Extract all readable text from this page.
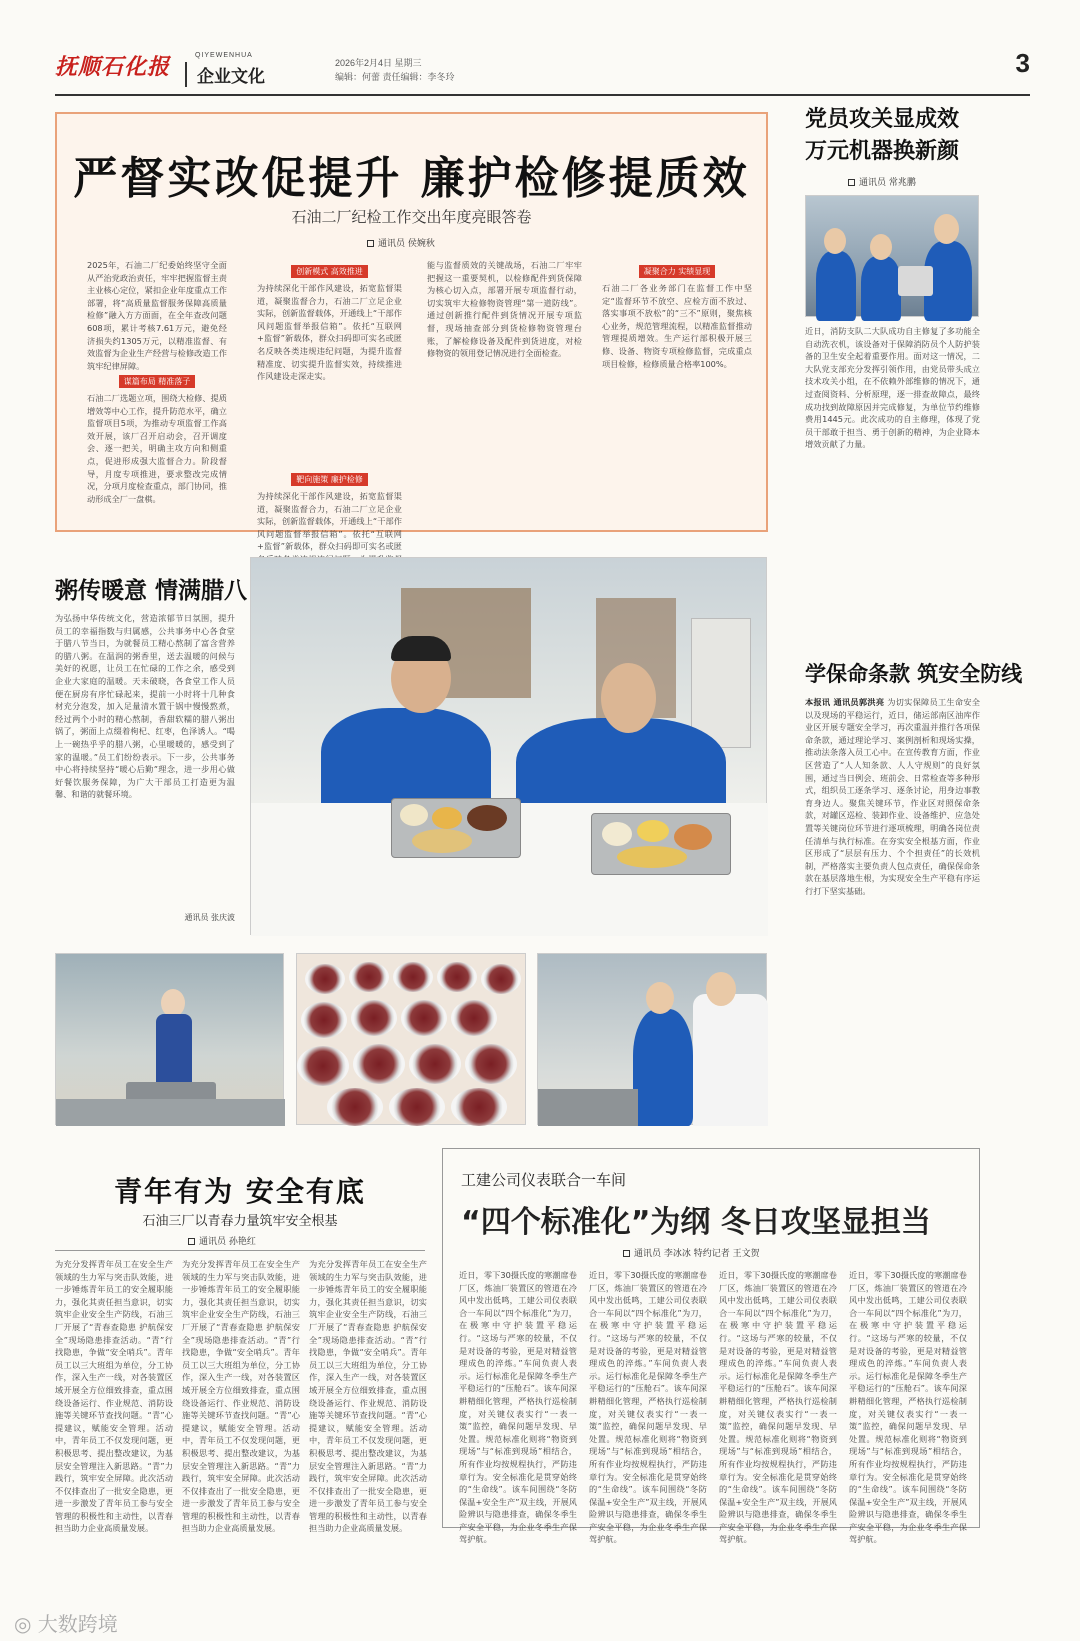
抚顺石化报	QIYEWENHUA
企业文化
2026年2月4日 星期三
编辑：何蕾 责任编辑：李冬玲	3
严督实改促提升 廉护检修提质效
石油二厂纪检工作交出年度亮眼答卷
通讯员 侯婉秋
2025年，石油二厂纪委始终坚守全面从严治党政治责任，牢牢把握监督主责主业核心定位，紧扣企业年度重点工作部署，将“高质量监督服务保障高质量检修”融入方方面面，在全年查改问题608项，累计考核7.61万元，避免经济损失约1305万元，以精准监督、有效监督为企业生产经营与检修改造工作筑牢纪律屏障。
谋篇布局 精准落子
石油二厂选题立项，围绕大检修、提质增效等中心工作，提升防范水平，确立监督项目5项，为推动专项监督工作高效开展，该厂召开启动会，召开调度会、逐一把关，明确主攻方向和侧重点，促进形成强大监督合力。阶段督导，月度专项推进，要求整改完成情况，分项月度检查重点，部门协同，推动形成全厂一盘棋。
创新模式 高效推进
为持续深化干部作风建设，拓宽监督渠道，凝聚监督合力，石油二厂立足企业实际，创新监督载体，开通线上“干部作风问题监督举报信箱”。依托“互联网+监督”新载体，群众扫码即可实名或匿名反映各类违规违纪问题，为提升监督精准度、切实提升监督实效，持续推进作风建设走深走实。
靶向施策 廉护检修
为持续深化干部作风建设，拓宽监督渠道，凝聚监督合力，石油二厂立足企业实际，创新监督载体，开通线上“干部作风问题监督举报信箱”。依托“互联网+监督”新载体，群众扫码即可实名或匿
能与监督质效的关键战场，石油二厂牢牢把握这一重要契机，以检修配件到货保障为核心切入点，部署开展专项监督行动，切实筑牢大检修物资管理“第一道防线”。通过创新推行配件到货情况开展专项监督，现场抽查部分到货检修物资管理台账，了解检修设备及配件到货进度，对检修物资的领用登记情况进行全面检查。
凝聚合力 实绩显现
石油二厂各业务部门在监督工作中坚定“监督环节不放空、应检方面不放过、落实事项不放松”的“三不”原则，聚焦核心业务，规范管理流程，以精准监督推动管理提质增效。生产运行部积极开展三修、设备、物资专项检修监督，完成重点项目检修，检修质量合格率100%。
党员攻关显成效 万元机器换新颜
通讯员 常兆鹏
近日，消防支队二大队成功自主修复了多功能全自动洗衣机，该设备对于保障消防员个人防护装备的卫生安全起着重要作用。面对这一情况，二大队党支部充分发挥引领作用，由党员带头成立技术攻关小组，在不依赖外部维修的情况下，通过查阅资料、分析原理，逐一排查故障点，最终成功找到故障原因并完成修复，为单位节约维修费用1445元。此次成功的自主修理，体现了党员干部敢于担当、勇于创新的精神，为企业降本增效贡献了力量。
学保命条款 筑安全防线
本报讯 通讯员郭洪亮 为切实保障员工生命安全以及现场的平稳运行，近日，储运部南区油库作业区开展专题安全学习，再次重温并推行各项保命条款，通过理论学习、案例剖析和现场实操，推动法条落入员工心中。在宣传教育方面，作业区营造了“人人知条款、人人守规则”的良好氛围，通过当日例会、班前会、日常检查等多种形式，组织员工逐条学习、逐条讨论，用身边事教育身边人。聚焦关键环节，作业区对照保命条款，对罐区巡检、装卸作业、设备维护、应急处置等关键岗位环节进行逐项梳理，明确各岗位责任清单与执行标准。在夯实安全根基方面，作业区形成了“层层有压力、个个担责任”的长效机制，严格落实主要负责人包点责任，确保保命条款在基层落地生根，为实现安全生产平稳有序运行打下坚实基础。
粥传暖意 情满腊八
为弘扬中华传统文化，营造浓郁节日氛围，提升员工的幸福指数与归属感，公共事务中心各食堂于腊八节当日，为就餐员工精心熬制了富含营养的腊八粥。在温润的粥香里，送去温暖的问候与美好的祝愿，让员工在忙碌的工作之余，感受到企业大家庭的温暖。天未破晓，各食堂工作人员便在厨房有序忙碌起来，提前一小时将十几种食材充分泡发，加入足量清水置于锅中慢慢熬煮，经过两个小时的精心熬制，香甜软糯的腊八粥出锅了，粥面上点缀着枸杞、红枣，色泽诱人。“喝上一碗热乎乎的腊八粥，心里暖暖的，感受到了家的温暖。”员工们纷纷表示。下一步，公共事务中心将持续坚持“暖心后勤”理念，进一步用心做好餐饮服务保障，为广大干部员工打造更为温馨、和谐的就餐环境。
通讯员 张庆波
青年有为 安全有底
石油三厂以青春力量筑牢安全根基
通讯员 孙艳红
为充分发挥青年员工在安全生产领域的生力军与突击队效能，进一步锤炼青年员工的安全履职能力，强化其责任担当意识，切实筑牢企业安全生产防线，石油三厂开展了“青春查隐患 护航保安全”现场隐患排查活动。“青”行找隐患，争做“安全哨兵”。青年员工以三大班组为单位，分工协作，深入生产一线，对各装置区域开展全方位细致排查，重点围绕设备运行、作业规范、消防设施等关键环节查找问题。“青”心提建议，赋能安全管理。活动中，青年员工不仅发现问题，更积极思考、提出整改建议，为基层安全管理注入新思路。“青”力践行，筑牢安全屏障。此次活动不仅排查出了一批安全隐患，更进一步激发了青年员工参与安全管理的积极性和主动性，以青春担当助力企业高质量发展。
为充分发挥青年员工在安全生产领域的生力军与突击队效能，进一步锤炼青年员工的安全履职能力，强化其责任担当意识，切实筑牢企业安全生产防线，石油三厂开展了“青春查隐患 护航保安全”现场隐患排查活动。“青”行找隐患，争做“安全哨兵”。青年员工以三大班组为单位，分工协作，深入生产一线，对各装置区域开展全方位细致排查，重点围绕设备运行、作业规范、消防设施等关键环节查找问题。“青”心提建议，赋能安全管理。活动中，青年员工不仅发现问题，更积极思考、提出整改建议，为基层安全管理注入新思路。“青”力践行，筑牢安全屏障。此次活动不仅排查出了一批安全隐患，更进一步激发了青年员工参与安全管理的积极性和主动性，以青春担当助力企业高质量发展。
为充分发挥青年员工在安全生产领域的生力军与突击队效能，进一步锤炼青年员工的安全履职能力，强化其责任担当意识，切实筑牢企业安全生产防线，石油三厂开展了“青春查隐患 护航保安全”现场隐患排查活动。“青”行找隐患，争做“安全哨兵”。青年员工以三大班组为单位，分工协作，深入生产一线，对各装置区域开展全方位细致排查，重点围绕设备运行、作业规范、消防设施等关键环节查找问题。“青”心提建议，赋能安全管理。活动中，青年员工不仅发现问题，更积极思考、提出整改建议，为基层安全管理注入新思路。“青”力践行，筑牢安全屏障。此次活动不仅排查出了一批安全隐患，更进一步激发了青年员工参与安全管理的积极性和主动性，以青春担当助力企业高质量发展。
工建公司仪表联合一车间
“四个标准化”为纲 冬日攻坚显担当
通讯员 李冰冰 特约记者 王文贺
近日，零下30摄氏度的寒潮席卷厂区，炼油厂装置区的管道在冷风中发出低鸣，工建公司仪表联合一车间以“四个标准化”为刀，在极寒中守护装置平稳运行。“这场与严寒的较量，不仅是对设备的考验，更是对精益管理成色的淬炼。”车间负责人表示。运行标准化是保障冬季生产平稳运行的“压舱石”。该车间深耕精细化管理，严格执行巡检制度，对关键仪表实行“一表一策”监控，确保问题早发现、早处置。规范标准化则将“物资到现场”与“标准到现场”相结合，所有作业均按规程执行，严防违章行为。安全标准化是贯穿始终的“生命线”。该车间围绕“冬防保温+安全生产”双主线，开展风险辨识与隐患排查，确保冬季生产安全平稳，为企业冬季生产保驾护航。
近日，零下30摄氏度的寒潮席卷厂区，炼油厂装置区的管道在冷风中发出低鸣，工建公司仪表联合一车间以“四个标准化”为刀，在极寒中守护装置平稳运行。“这场与严寒的较量，不仅是对设备的考验，更是对精益管理成色的淬炼。”车间负责人表示。运行标准化是保障冬季生产平稳运行的“压舱石”。该车间深耕精细化管理，严格执行巡检制度，对关键仪表实行“一表一策”监控，确保问题早发现、早处置。规范标准化则将“物资到现场”与“标准到现场”相结合，所有作业均按规程执行，严防违章行为。安全标准化是贯穿始终的“生命线”。该车间围绕“冬防保温+安全生产”双主线，开展风险辨识与隐患排查，确保冬季生产安全平稳，为企业冬季生产保驾护航。
近日，零下30摄氏度的寒潮席卷厂区，炼油厂装置区的管道在冷风中发出低鸣，工建公司仪表联合一车间以“四个标准化”为刀，在极寒中守护装置平稳运行。“这场与严寒的较量，不仅是对设备的考验，更是对精益管理成色的淬炼。”车间负责人表示。运行标准化是保障冬季生产平稳运行的“压舱石”。该车间深耕精细化管理，严格执行巡检制度，对关键仪表实行“一表一策”监控，确保问题早发现、早处置。规范标准化则将“物资到现场”与“标准到现场”相结合，所有作业均按规程执行，严防违章行为。安全标准化是贯穿始终的“生命线”。该车间围绕“冬防保温+安全生产”双主线，开展风险辨识与隐患排查，确保冬季生产安全平稳，为企业冬季生产保驾护航。
近日，零下30摄氏度的寒潮席卷厂区，炼油厂装置区的管道在冷风中发出低鸣，工建公司仪表联合一车间以“四个标准化”为刀，在极寒中守护装置平稳运行。“这场与严寒的较量，不仅是对设备的考验，更是对精益管理成色的淬炼。”车间负责人表示。运行标准化是保障冬季生产平稳运行的“压舱石”。该车间深耕精细化管理，严格执行巡检制度，对关键仪表实行“一表一策”监控，确保问题早发现、早处置。规范标准化则将“物资到现场”与“标准到现场”相结合，所有作业均按规程执行，严防违章行为。安全标准化是贯穿始终的“生命线”。该车间围绕“冬防保温+安全生产”双主线，开展风险辨识与隐患排查，确保冬季生产安全平稳，为企业冬季生产保驾护航。
◎ 大数跨境
